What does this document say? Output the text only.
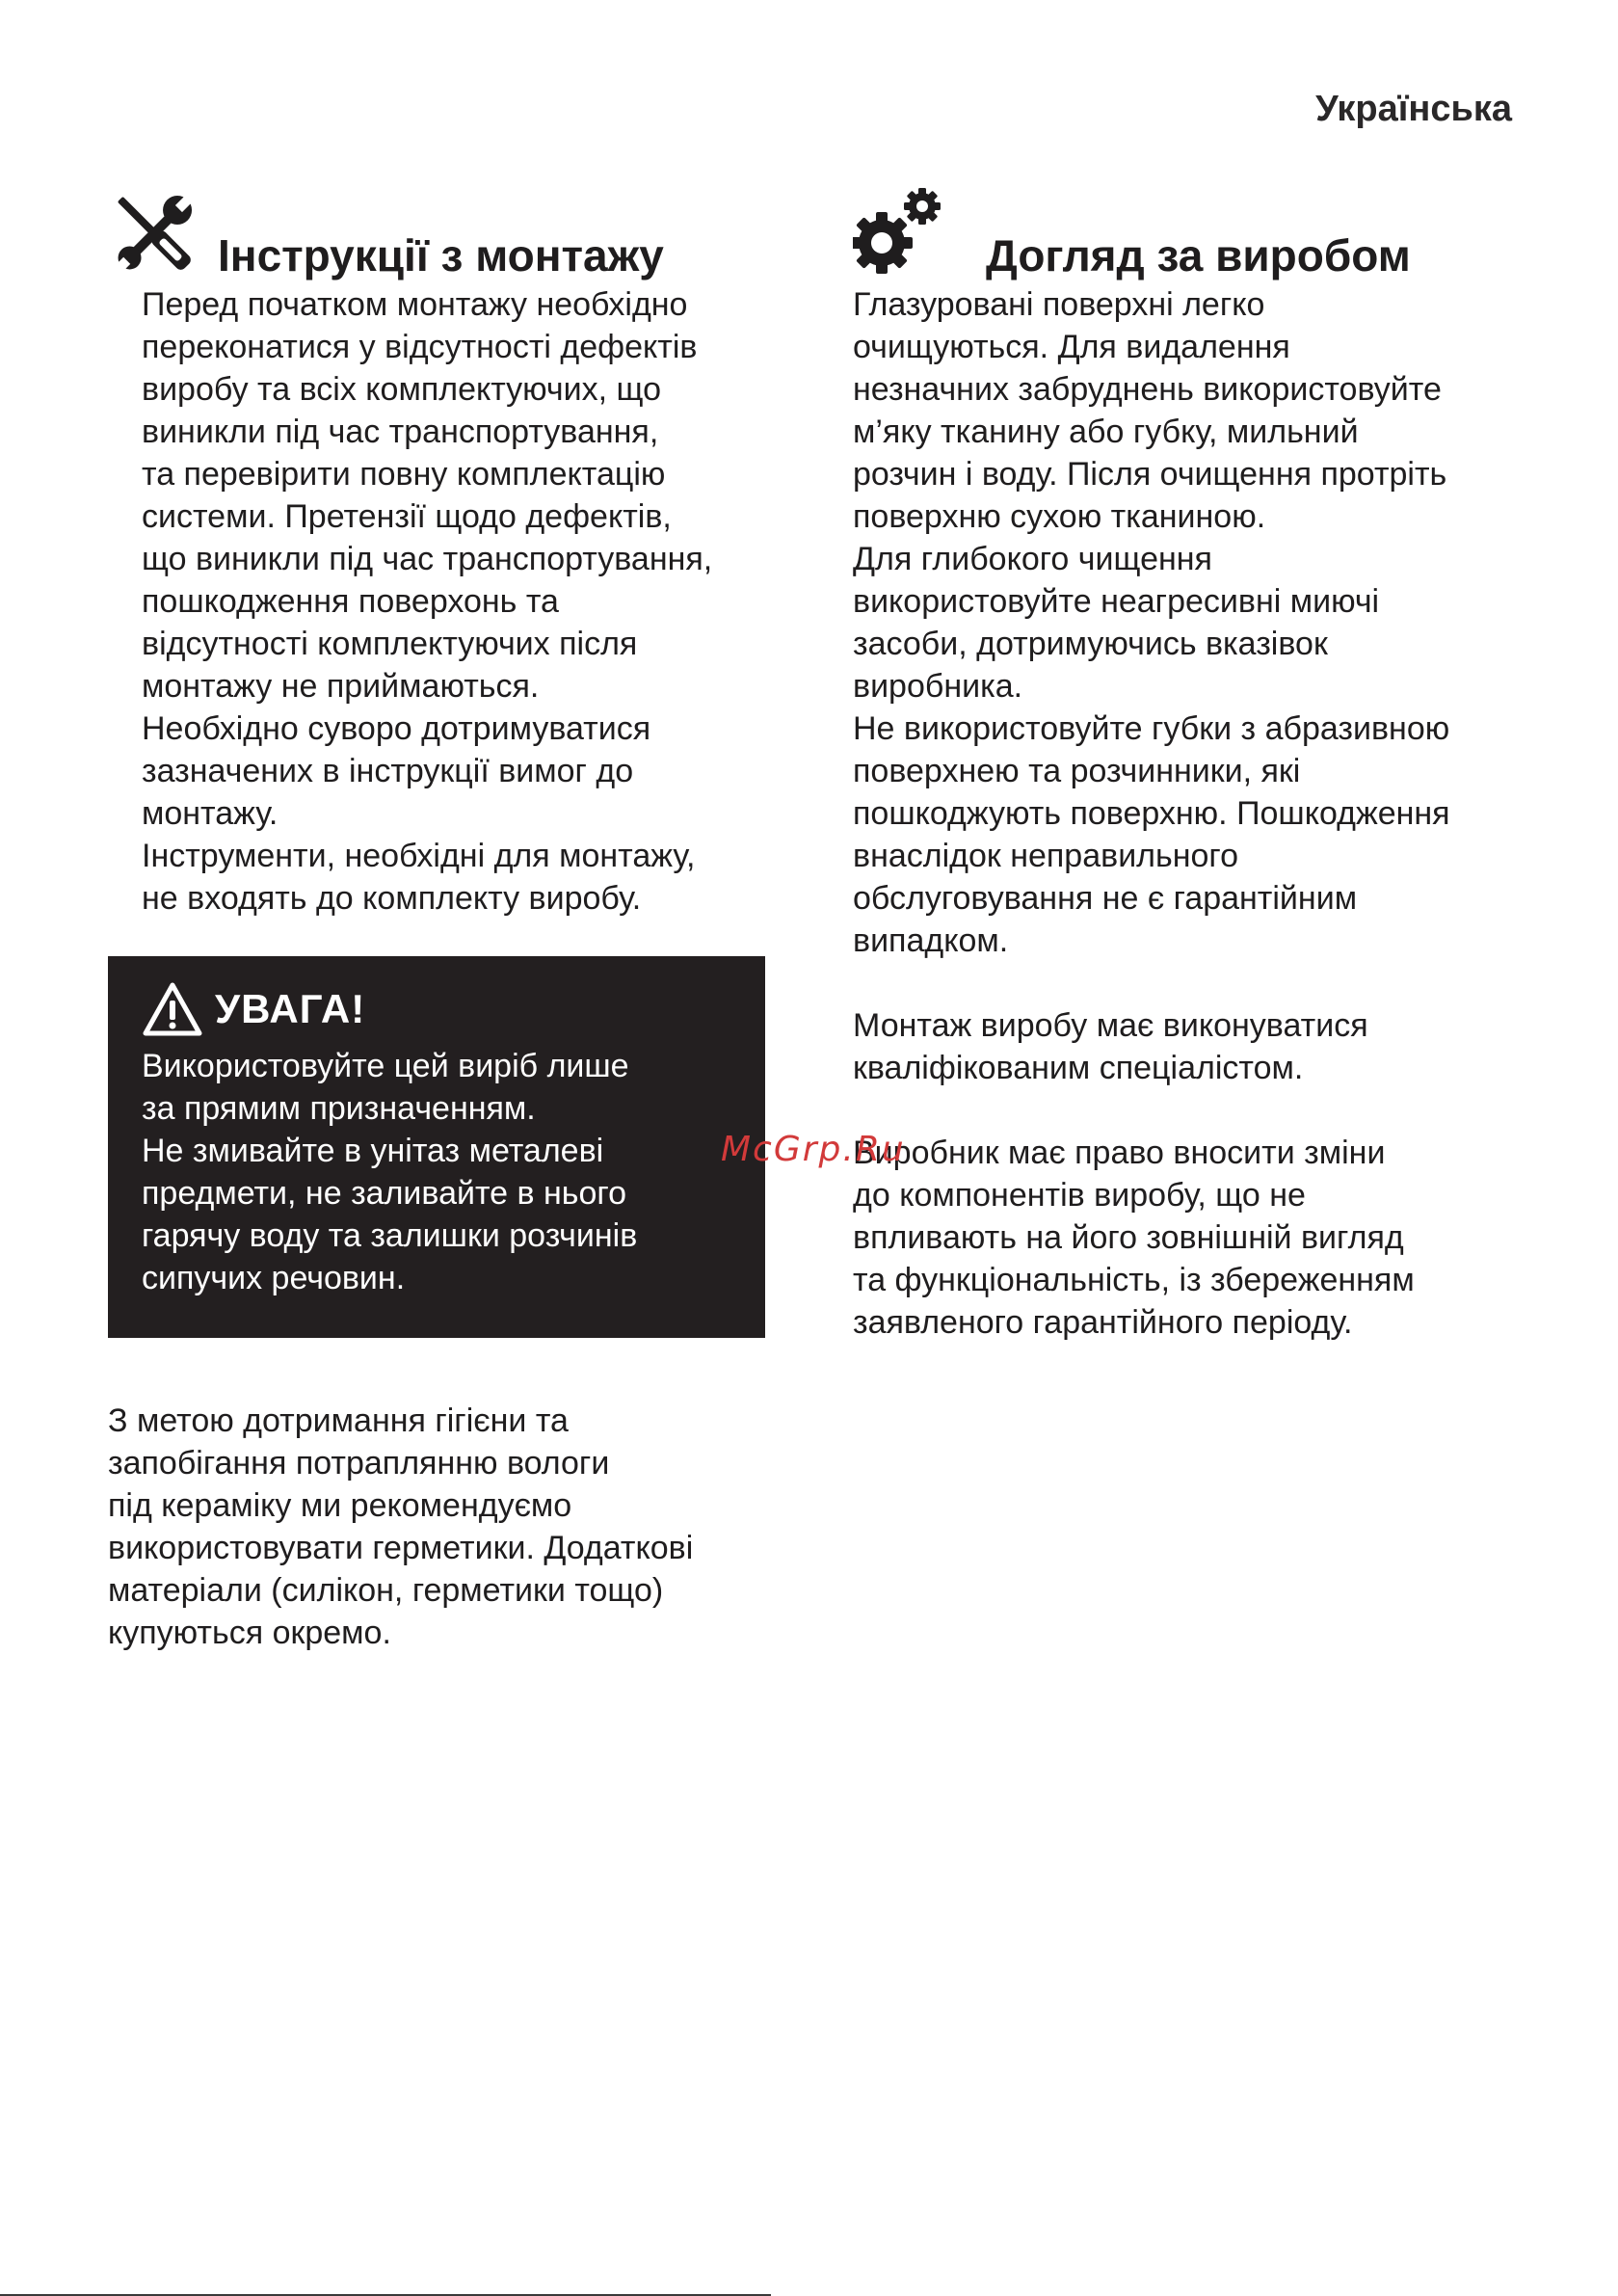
Українська

Інструкції з монтажу

Перед початком монтажу необхідно
переконатися у відсутності дефектів
виробу та всіх комплектуючих, що
виникли під час транспортування,
та перевірити повну комплектацію
системи. Претензії щодо дефектів,
що виникли під час транспортування,
пошкодження поверхонь та
відсутності комплектуючих після
монтажу не приймаються.
Необхідно суворо дотримуватися
зазначених в інструкції вимог до
монтажу.
Інструменти, необхідні для монтажу,
не входять до комплекту виробу.

УВАГА!

Використовуйте цей виріб лише
за прямим призначенням.
Не змивайте в унітаз металеві
предмети, не заливайте в нього
гарячу воду та залишки розчинів
сипучих речовин.

З метою дотримання гігієни та
запобігання потраплянню вологи
під кераміку ми рекомендуємо
використовувати герметики. Додаткові
матеріали (силікон, герметики тощо)
купуються окремо.

Догляд за виробом

Глазуровані поверхні легко
очищуються. Для видалення
незначних забруднень використовуйте
м’яку тканину або губку, мильний
розчин і воду. Після очищення протріть
поверхню сухою тканиною.
Для глибокого чищення
використовуйте неагресивні миючі
засоби, дотримуючись вказівок
виробника.
Не використовуйте губки з абразивною
поверхнею та розчинники, які
пошкоджують поверхню. Пошкодження
внаслідок неправильного
обслуговування не є гарантійним
випадком.

Монтаж виробу має виконуватися
кваліфікованим спеціалістом.

Виробник має право вносити зміни
до компонентів виробу, що не
впливають на його зовнішній вигляд
та функціональність, із збереженням
заявленого гарантійного періоду.

McGrp.Ru
